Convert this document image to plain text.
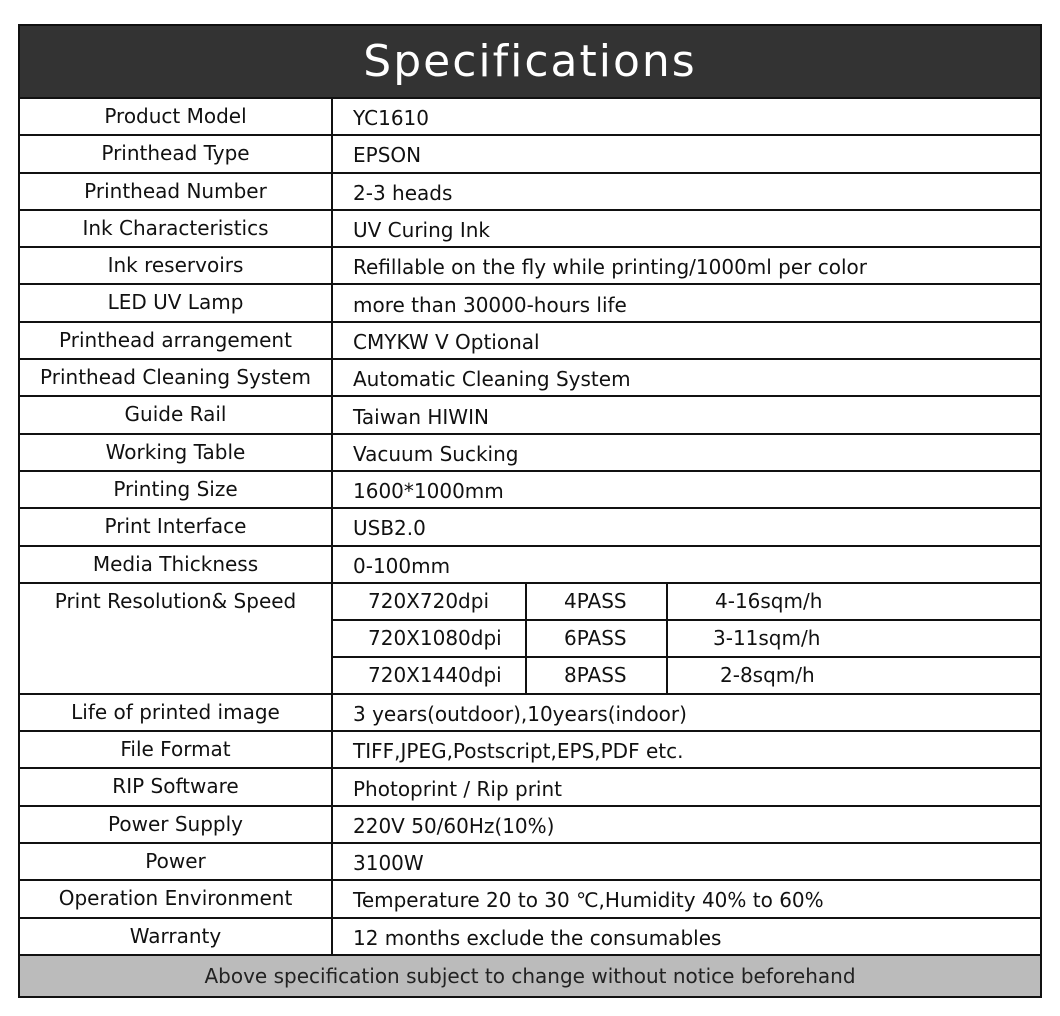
Specifications
Product Model	YC1610
Printhead Type	EPSON
Printhead Number	2-3 heads
Ink Characteristics	UV Curing Ink
Ink reservoirs	Refillable on the fly while printing/1000ml per color
LED UV Lamp	more than 30000-hours life
Printhead arrangement	CMYKW V Optional
Printhead Cleaning System	Automatic Cleaning System
Guide Rail	Taiwan HIWIN
Working Table	Vacuum Sucking
Printing Size	1600*1000mm
Print Interface	USB2.0
Media Thickness	0-100mm
Print Resolution& Speed	720X720dpi	4PASS	4-16sqm/h
720X1080dpi	6PASS	3-11sqm/h
720X1440dpi	8PASS	2-8sqm/h
Life of printed image	3 years(outdoor),10years(indoor)
File Format	TIFF,JPEG,Postscript,EPS,PDF etc.
RIP Software	Photoprint / Rip print
Power Supply	220V 50/60Hz(10%)
Power	3100W
Operation Environment	Temperature 20 to 30 ℃,Humidity 40% to 60%
Warranty	12 months exclude the consumables
Above specification subject to change without notice beforehand
